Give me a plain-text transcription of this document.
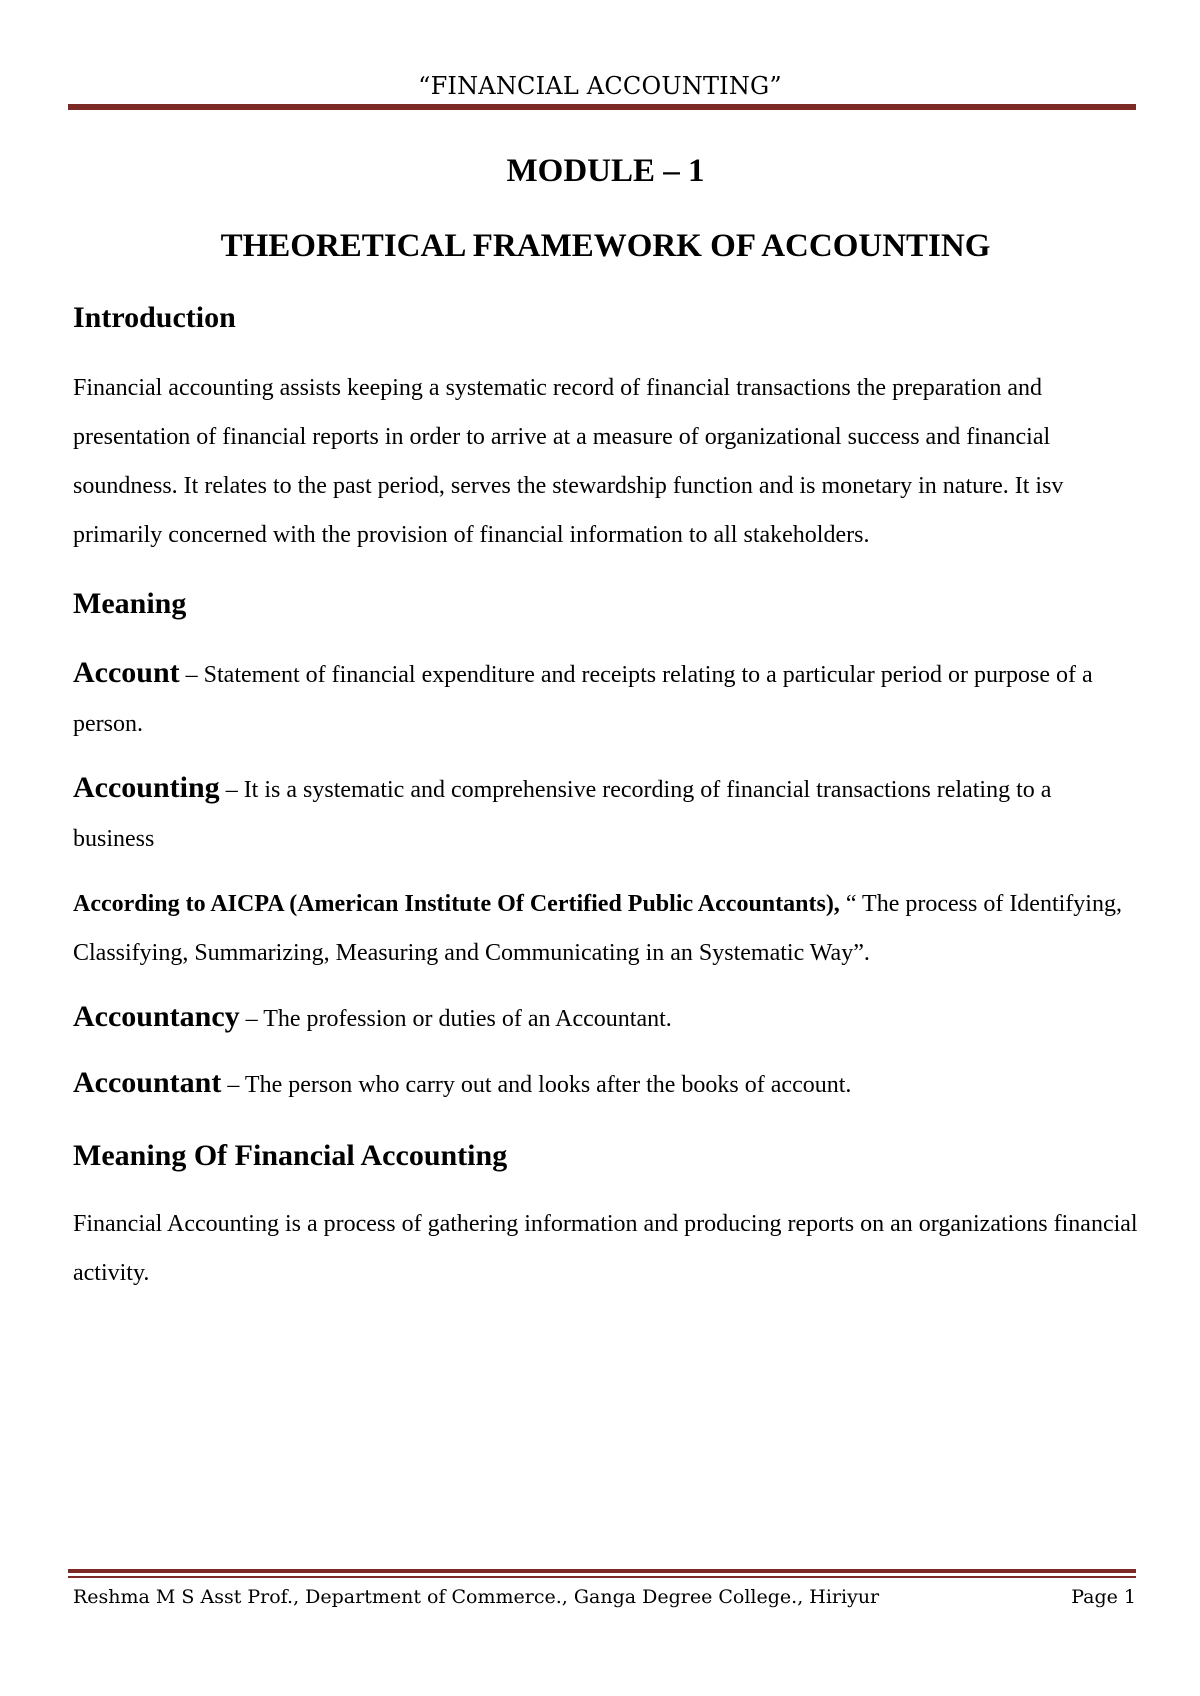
“FINANCIAL ACCOUNTING”
MODULE – 1
THEORETICAL FRAMEWORK OF ACCOUNTING
Introduction

Financial accounting assists keeping a systematic record of financial transactions the preparation and presentation of financial reports in order to arrive at a measure of organizational success and financial soundness. It relates to the past period, serves the stewardship function and is monetary in nature. It isv primarily concerned with the provision of financial information to all stakeholders.

Meaning

Account – Statement of financial expenditure and receipts relating to a particular period or purpose of a person.

Accounting – It is a systematic and comprehensive recording of financial transactions relating to a business

According to AICPA (American Institute Of Certified Public Accountants), “ The process of Identifying, Classifying, Summarizing, Measuring and Communicating in an Systematic Way”.

Accountancy – The profession or duties of an Accountant.

Accountant – The person who carry out and looks after the books of account.

Meaning Of Financial Accounting

Financial Accounting is a process of gathering information and producing reports on an organizations financial activity.

Reshma M S Asst Prof., Department of Commerce., Ganga Degree College., Hiriyur	Page 1
